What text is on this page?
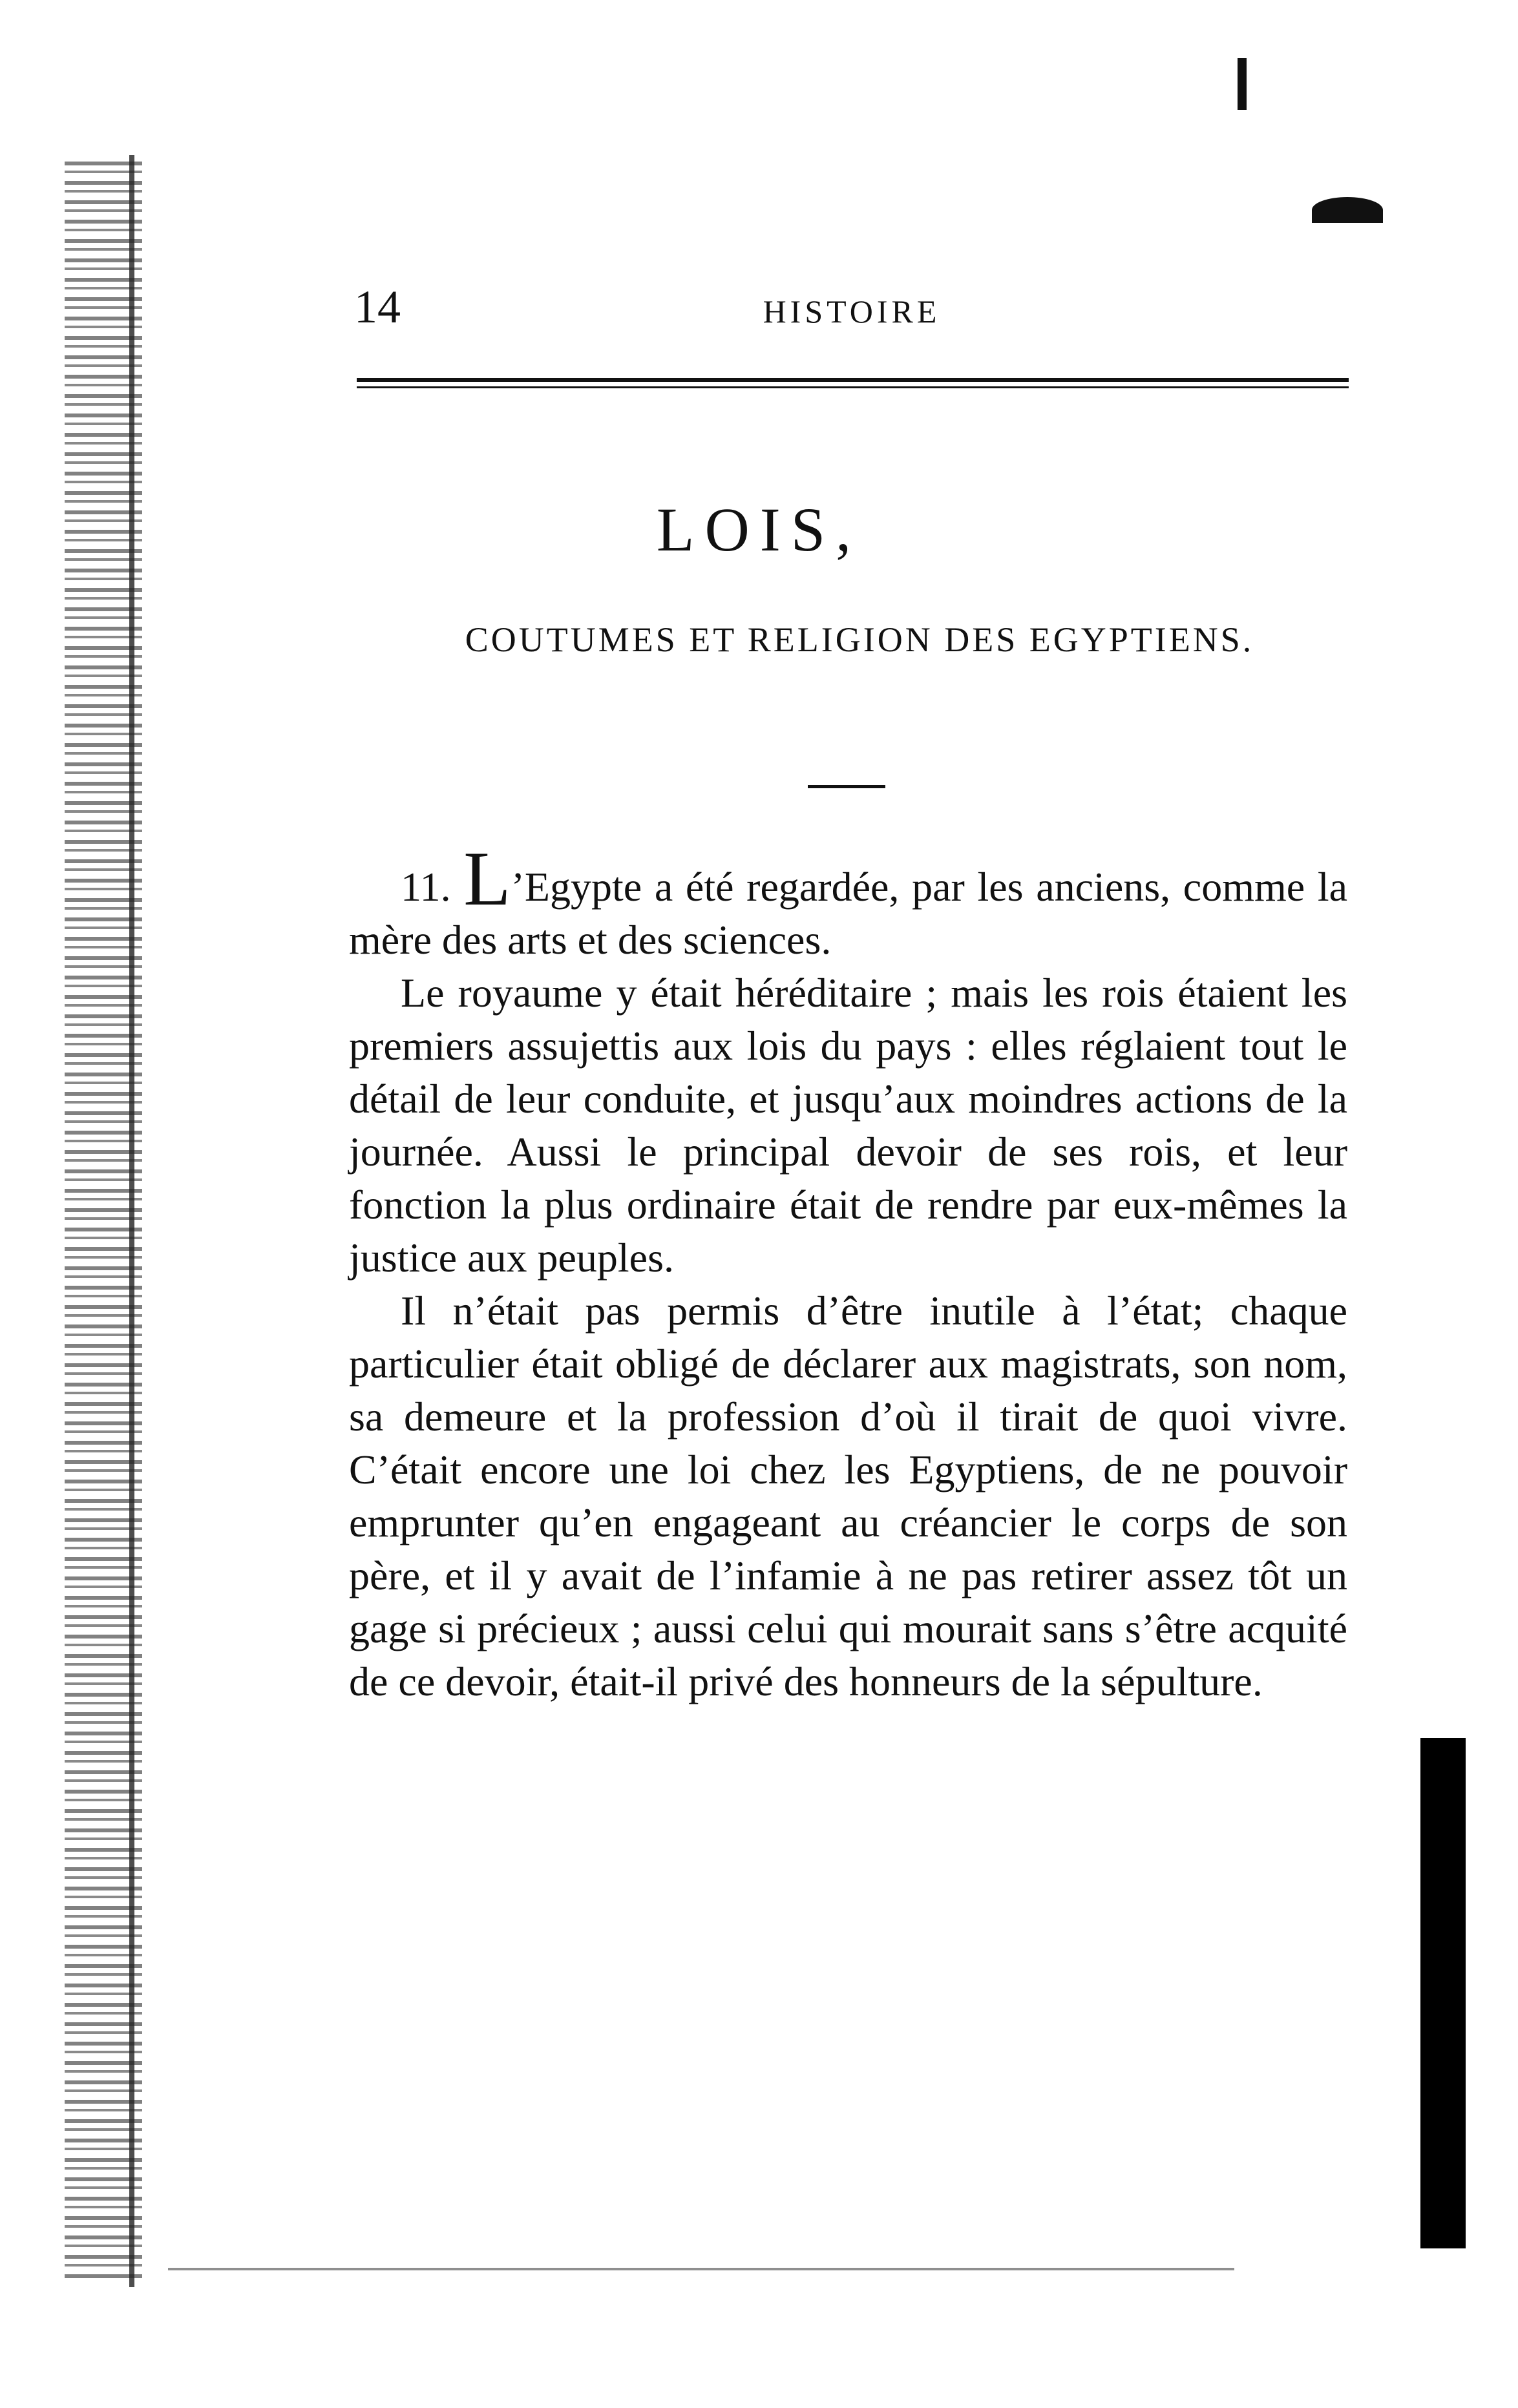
14	HISTOIRE
LOIS,
COUTUMES ET RELIGION DES EGYPTIENS.

11. L’Egypte a été regardée, par les anciens, comme la mère des arts et des sciences.

Le royaume y était héréditaire ; mais les rois étaient les premiers assujettis aux lois du pays : elles réglaient tout le détail de leur conduite, et jusqu’aux moindres actions de la journée. Aussi le principal devoir de ses rois, et leur fonction la plus ordinaire était de rendre par eux-mêmes la justice aux peuples.

Il n’était pas permis d’être inutile à l’état; chaque particulier était obligé de déclarer aux magistrats, son nom, sa demeure et la profession d’où il tirait de quoi vivre. C’était encore une loi chez les Egyptiens, de ne pouvoir emprunter qu’en engageant au créancier le corps de son père, et il y avait de l’infamie à ne pas retirer assez tôt un gage si précieux ; aussi celui qui mourait sans s’être acquité de ce devoir, était-il privé des honneurs de la sépulture.
